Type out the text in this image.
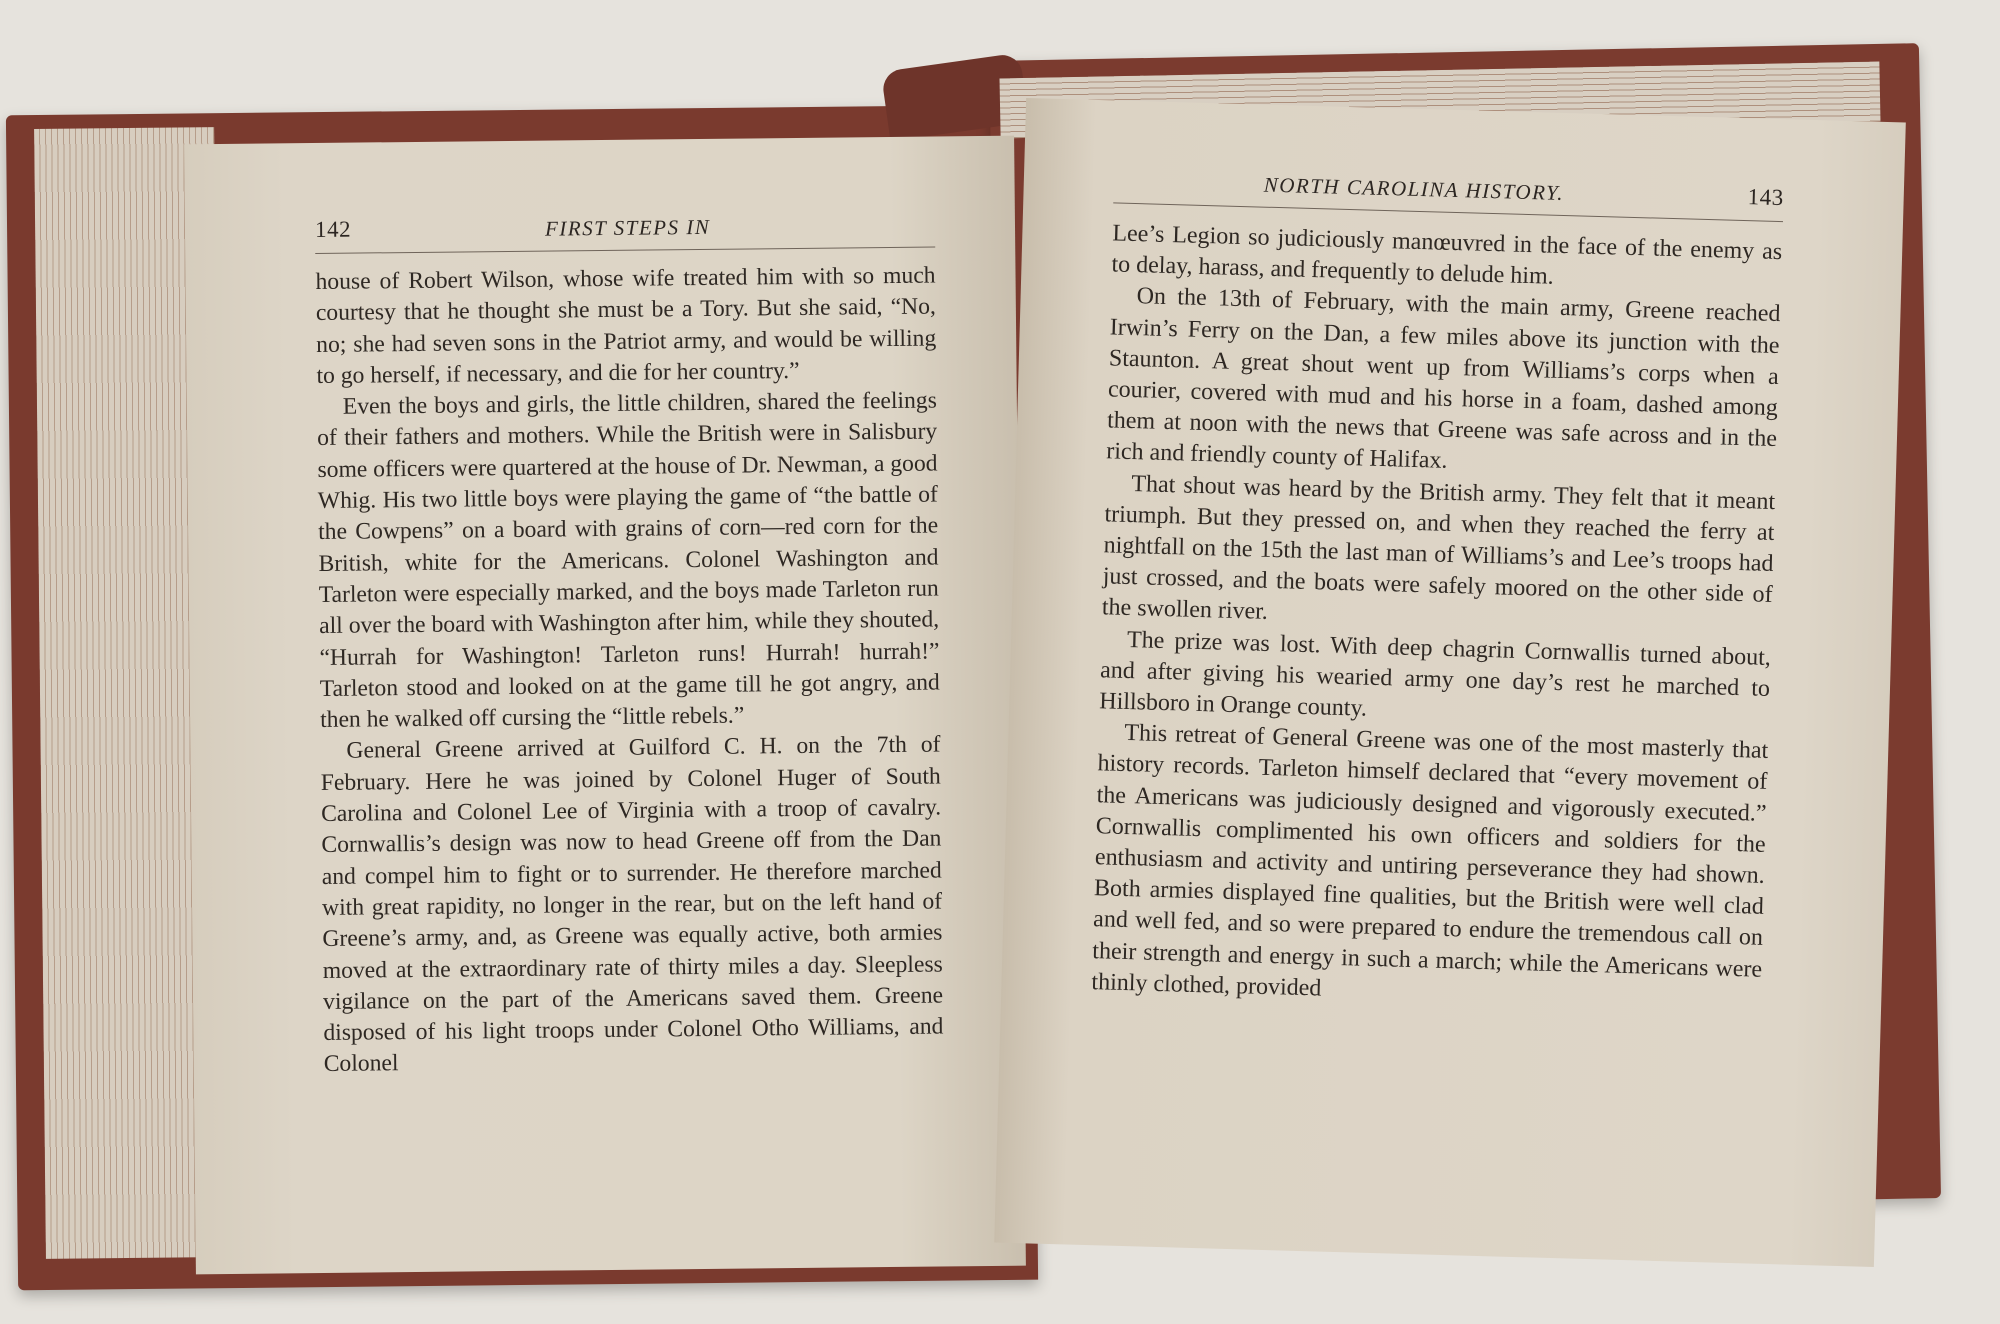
142	FIRST STEPS IN

house of Robert Wilson, whose wife treated him with so much courtesy that he thought she must be a Tory. But she said, “No, no; she had seven sons in the Patriot army, and would be willing to go herself, if necessary, and die for her country.”

Even the boys and girls, the little children, shared the feelings of their fathers and mothers. While the British were in Salisbury some officers were quartered at the house of Dr. Newman, a good Whig. His two little boys were playing the game of “the battle of the Cowpens” on a board with grains of corn—red corn for the British, white for the Americans. Colonel Washington and Tarleton were especially marked, and the boys made Tarleton run all over the board with Washington after him, while they shouted, “Hurrah for Washington! Tarleton runs! Hurrah! hurrah!” Tarleton stood and looked on at the game till he got angry, and then he walked off cursing the “little rebels.”

General Greene arrived at Guilford C. H. on the 7th of February. Here he was joined by Colonel Huger of South Carolina and Colonel Lee of Virginia with a troop of cavalry. Cornwallis’s design was now to head Greene off from the Dan and compel him to fight or to surrender. He therefore marched with great rapidity, no longer in the rear, but on the left hand of Greene’s army, and, as Greene was equally active, both armies moved at the extraordinary rate of thirty miles a day. Sleepless vigilance on the part of the Americans saved them. Greene disposed of his light troops under Colonel Otho Williams, and Colonel

NORTH CAROLINA HISTORY.	143

Lee’s Legion so judiciously manœuvred in the face of the enemy as to delay, harass, and frequently to delude him.

On the 13th of February, with the main army, Greene reached Irwin’s Ferry on the Dan, a few miles above its junction with the Staunton. A great shout went up from Williams’s corps when a courier, covered with mud and his horse in a foam, dashed among them at noon with the news that Greene was safe across and in the rich and friendly county of Halifax.

That shout was heard by the British army. They felt that it meant triumph. But they pressed on, and when they reached the ferry at nightfall on the 15th the last man of Williams’s and Lee’s troops had just crossed, and the boats were safely moored on the other side of the swollen river.

The prize was lost. With deep chagrin Cornwallis turned about, and after giving his wearied army one day’s rest he marched to Hillsboro in Orange county.

This retreat of General Greene was one of the most masterly that history records. Tarleton himself declared that “every movement of the Americans was judiciously designed and vigorously executed.” Cornwallis complimented his own officers and soldiers for the enthusiasm and activity and untiring perseverance they had shown. Both armies displayed fine qualities, but the British were well clad and well fed, and so were prepared to endure the tremendous call on their strength and energy in such a march; while the Americans were thinly clothed, provided
